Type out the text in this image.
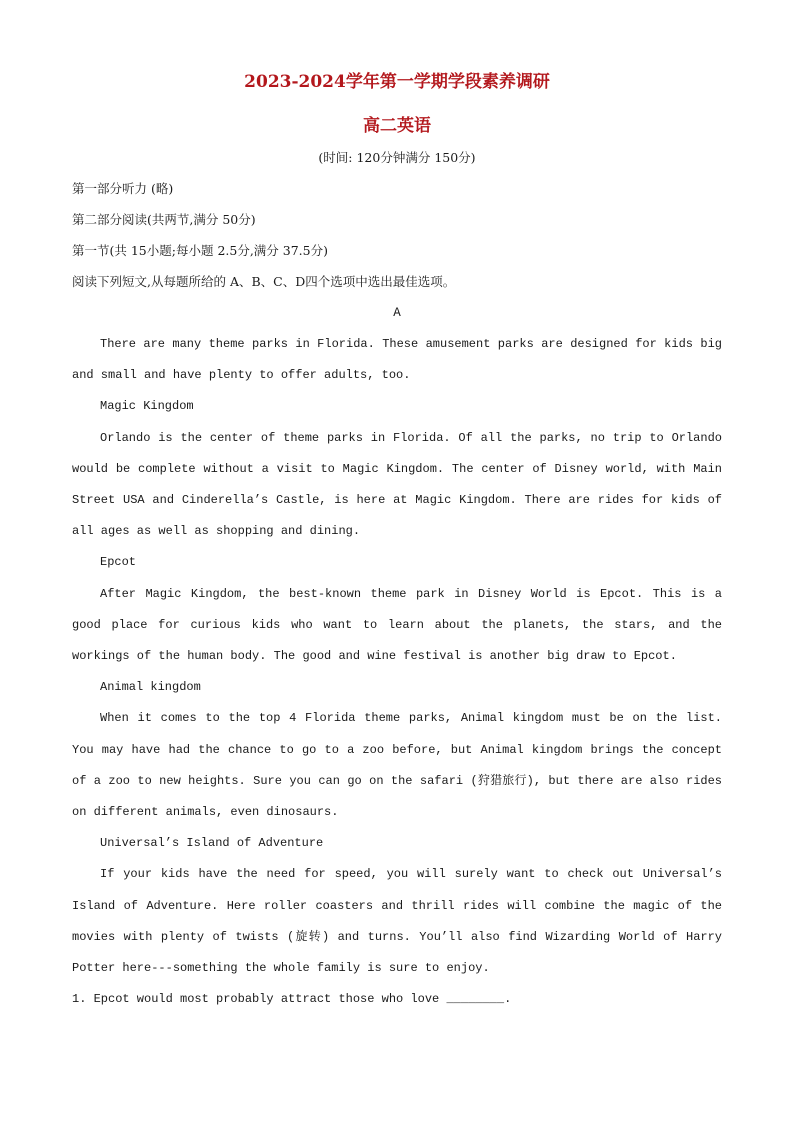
2023-2024学年第一学期学段素养调研
高二英语
(时间: 120分钟满分 150分)

第一部分听力 (略)

第二部分阅读(共两节,满分 50分)

第一节(共 15小题;每小题 2.5分,满分 37.5分)

阅读下列短文,从每题所给的 A、B、C、D四个选项中选出最佳选项。

A

There are many theme parks in Florida. These amusement parks are designed for kids big and small and have plenty to offer adults, too.

Magic Kingdom

Orlando is the center of theme parks in Florida. Of all the parks, no trip to Orlando would be complete without a visit to Magic Kingdom. The center of Disney world, with Main Street USA and Cinderella’s Castle, is here at Magic Kingdom. There are rides for kids of all ages as well as shopping and dining.

Epcot

After Magic Kingdom, the best-known theme park in Disney World is Epcot. This is a good place for curious kids who want to learn about the planets, the stars, and the workings of the human body. The good and wine festival is another big draw to Epcot.

Animal kingdom

When it comes to the top 4 Florida theme parks, Animal kingdom must be on the list. You may have had the chance to go to a zoo before, but Animal kingdom brings the concept of a zoo to new heights. Sure you can go on the safari (狩猎旅行), but there are also rides on different animals, even dinosaurs.

Universal’s Island of Adventure

If your kids have the need for speed, you will surely want to check out Universal’s Island of Adventure. Here roller coasters and thrill rides will combine the magic of the movies with plenty of twists (旋转) and turns. You’ll also find Wizarding World of Harry Potter here---something the whole family is sure to enjoy.

1. Epcot would most probably attract those who love ________.
